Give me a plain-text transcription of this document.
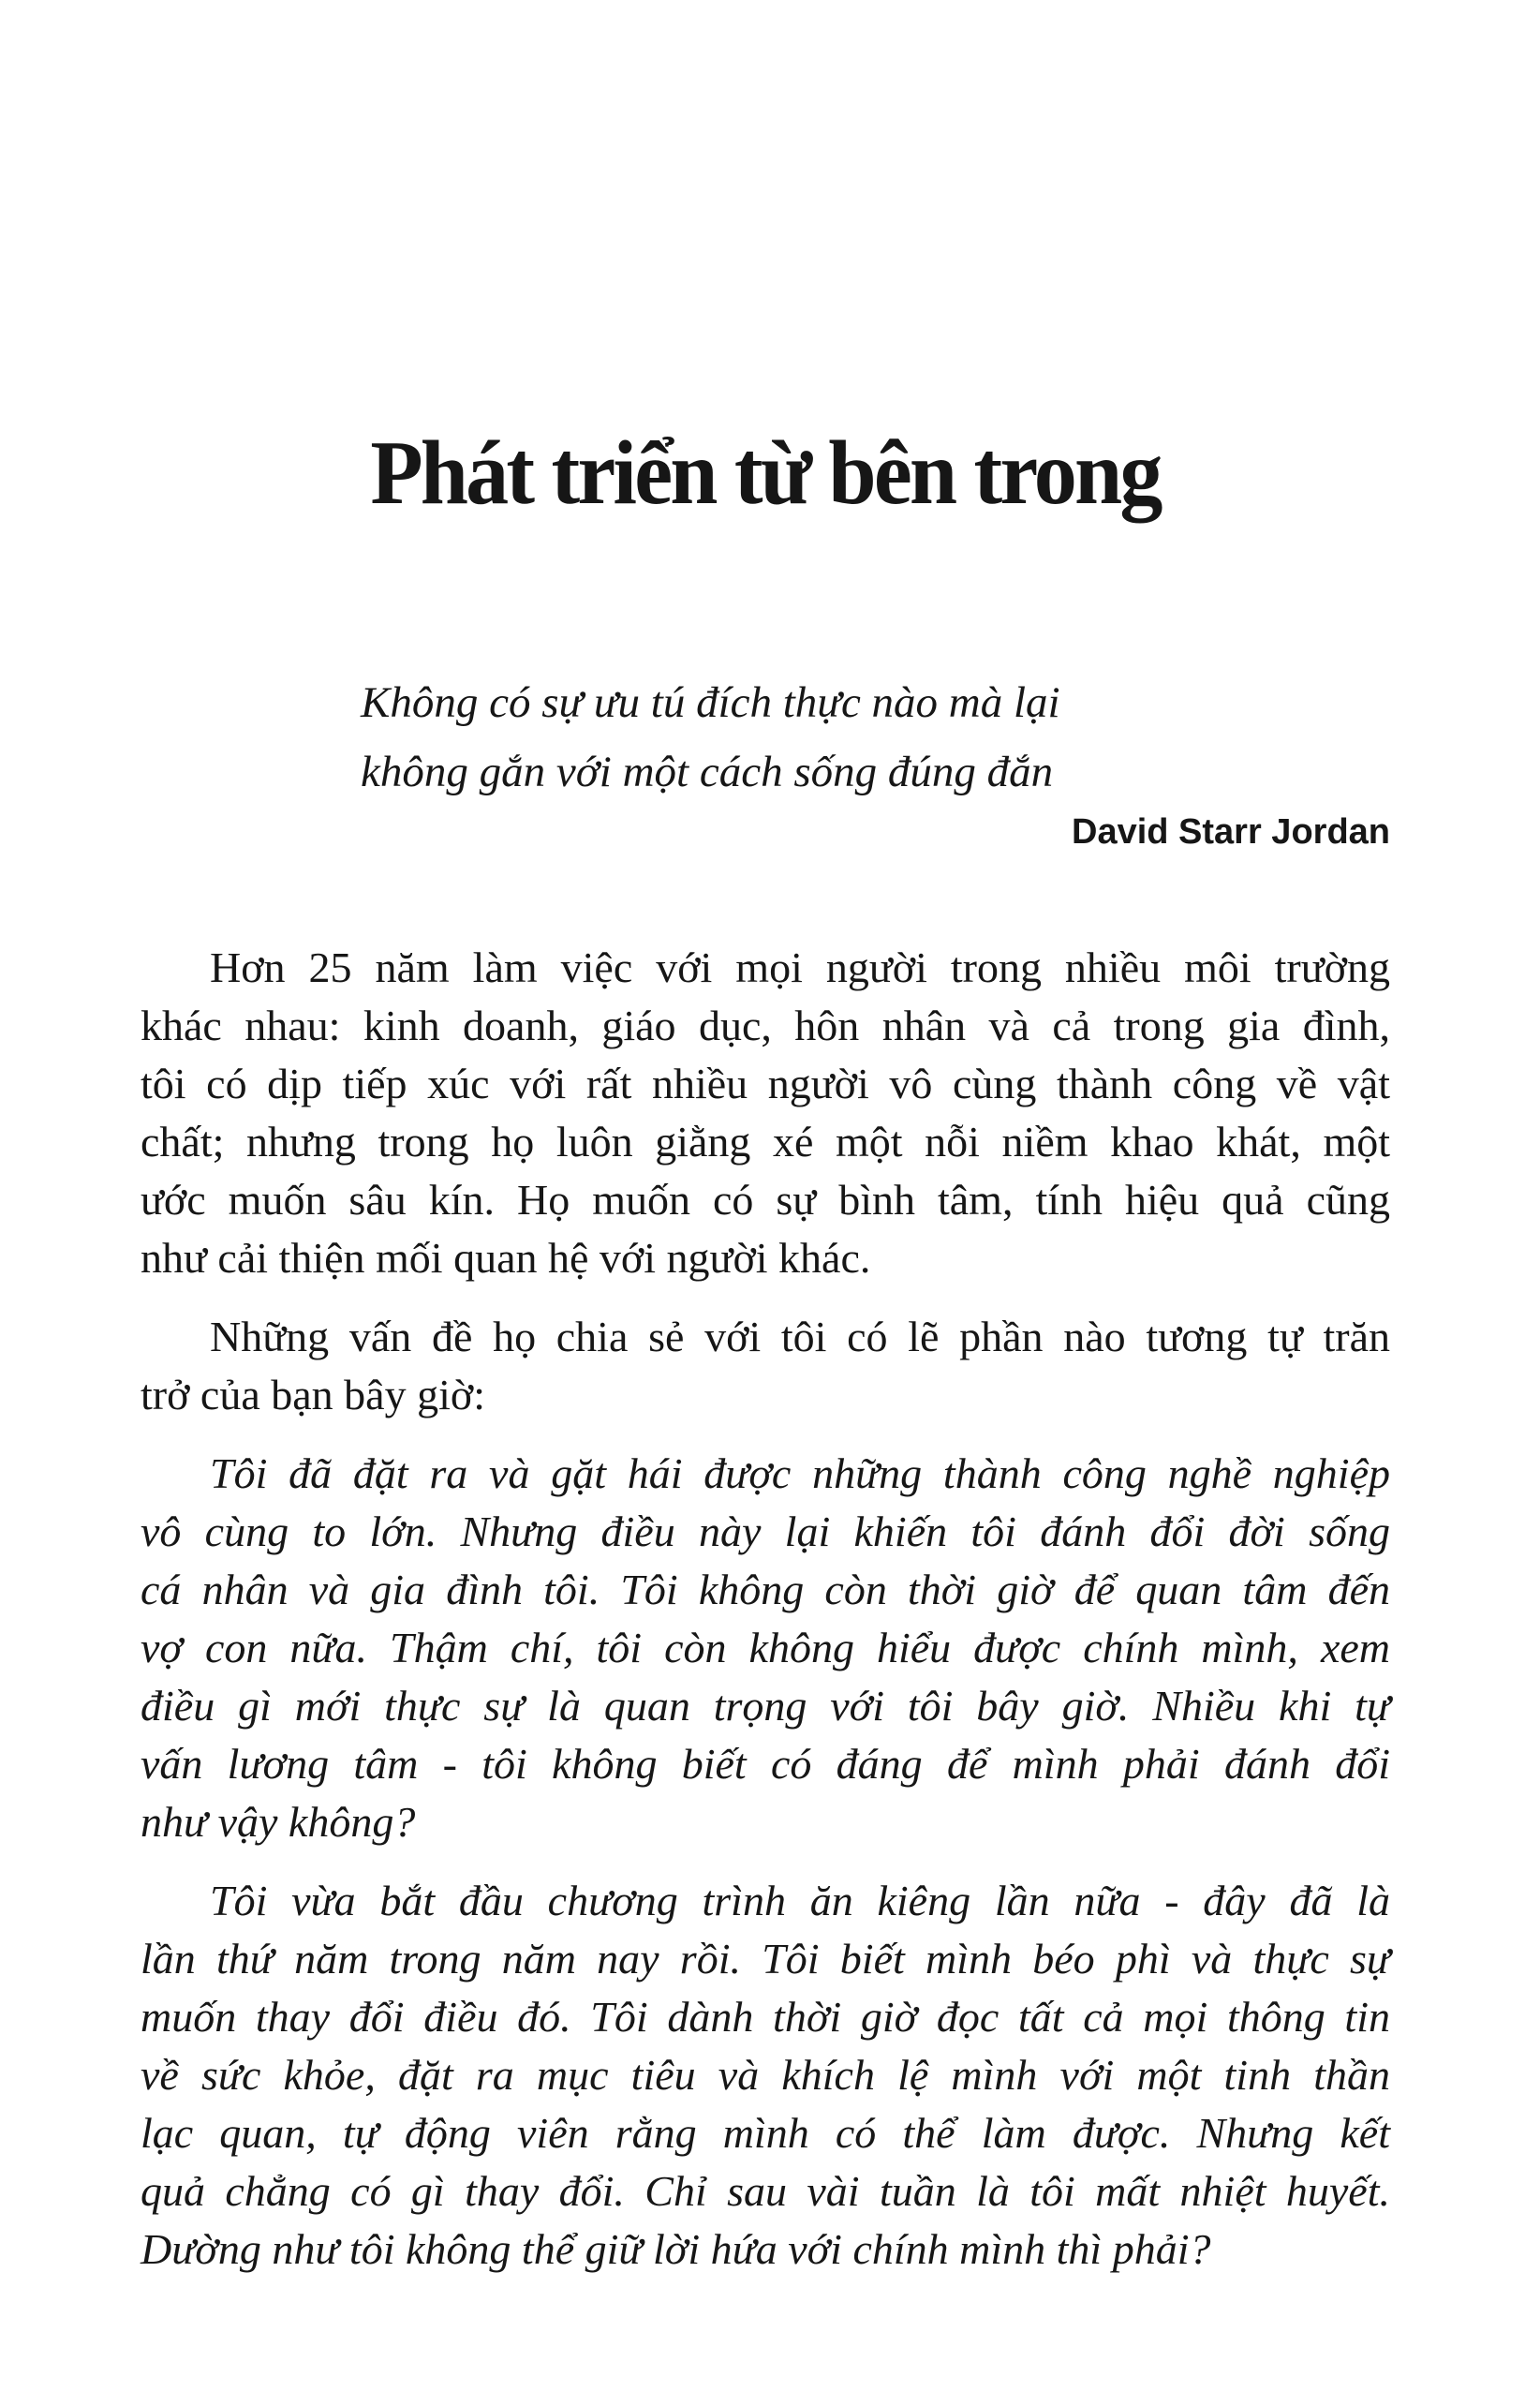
Phát triển từ bên trong
Không có sự ưu tú đích thực nào mà lại
không gắn với một cách sống đúng đắn
David Starr Jordan
Hơn 25 năm làm việc với mọi người trong nhiều môi trường
khác nhau: kinh doanh, giáo dục, hôn nhân và cả trong gia đình,
tôi có dịp tiếp xúc với rất nhiều người vô cùng thành công về vật
chất; nhưng trong họ luôn giằng xé một nỗi niềm khao khát, một
ước muốn sâu kín. Họ muốn có sự bình tâm, tính hiệu quả cũng
như cải thiện mối quan hệ với người khác.
Những vấn đề họ chia sẻ với tôi có lẽ phần nào tương tự trăn
trở của bạn bây giờ:
Tôi đã đặt ra và gặt hái được những thành công nghề nghiệp
vô cùng to lớn. Nhưng điều này lại khiến tôi đánh đổi đời sống
cá nhân và gia đình tôi. Tôi không còn thời giờ để quan tâm đến
vợ con nữa. Thậm chí, tôi còn không hiểu được chính mình, xem
điều gì mới thực sự là quan trọng với tôi bây giờ. Nhiều khi tự
vấn lương tâm - tôi không biết có đáng để mình phải đánh đổi
như vậy không?
Tôi vừa bắt đầu chương trình ăn kiêng lần nữa - đây đã là
lần thứ năm trong năm nay rồi. Tôi biết mình béo phì và thực sự
muốn thay đổi điều đó. Tôi dành thời giờ đọc tất cả mọi thông tin
về sức khỏe, đặt ra mục tiêu và khích lệ mình với một tinh thần
lạc quan, tự động viên rằng mình có thể làm được. Nhưng kết
quả chẳng có gì thay đổi. Chỉ sau vài tuần là tôi mất nhiệt huyết.
Dường như tôi không thể giữ lời hứa với chính mình thì phải?
